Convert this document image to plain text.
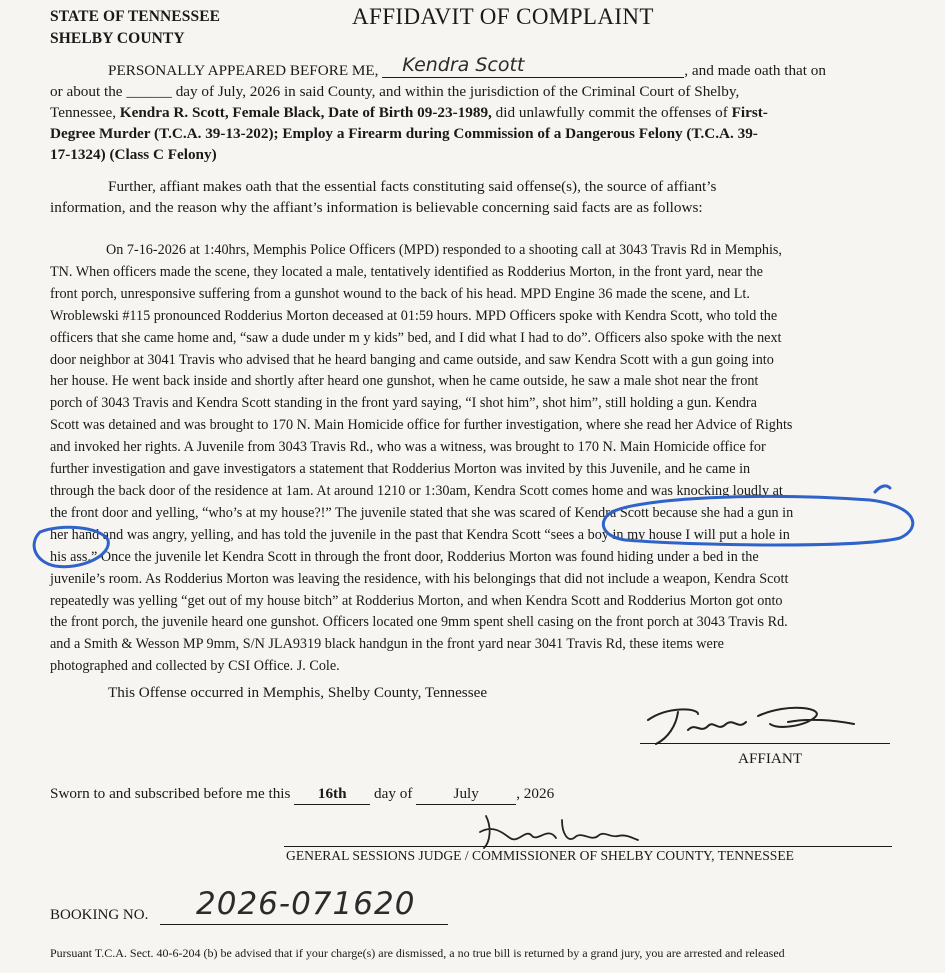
STATE OF TENNESSEE
SHELBY COUNTY
AFFIDAVIT OF COMPLAINT
PERSONALLY APPEARED BEFORE ME, Kendra Scott	, and made oath that on
or about the ______ day of July, 2026 in said County, and within the jurisdiction of the Criminal Court of Shelby,
Tennessee, Kendra R. Scott, Female Black, Date of Birth 09-23-1989, did unlawfully commit the offenses of First-
Degree Murder (T.C.A. 39-13-202); Employ a Firearm during Commission of a Dangerous Felony (T.C.A. 39-
17-1324) (Class C Felony)
Further, affiant makes oath that the essential facts constituting said offense(s), the source of affiant’s
information, and the reason why the affiant’s information is believable concerning said facts are as follows:
On 7-16-2026 at 1:40hrs, Memphis Police Officers (MPD) responded to a shooting call at 3043 Travis Rd in Memphis,
TN. When officers made the scene, they located a male, tentatively identified as Rodderius Morton, in the front yard, near the
front porch, unresponsive suffering from a gunshot wound to the back of his head. MPD Engine 36 made the scene, and Lt.
Wroblewski #115 pronounced Rodderius Morton deceased at 01:59 hours. MPD Officers spoke with Kendra Scott, who told the
officers that she came home and, “saw a dude under m y kids” bed, and I did what I had to do”. Officers also spoke with the next
door neighbor at 3041 Travis who advised that he heard banging and came outside, and saw Kendra Scott with a gun going into
her house. He went back inside and shortly after heard one gunshot, when he came outside, he saw a male shot near the front
porch of 3043 Travis and Kendra Scott standing in the front yard saying, “I shot him”, shot him”, still holding a gun. Kendra
Scott was detained and was brought to 170 N. Main Homicide office for further investigation, where she read her Advice of Rights
and invoked her rights. A Juvenile from 3043 Travis Rd., who was a witness, was brought to 170 N. Main Homicide office for
further investigation and gave investigators a statement that Rodderius Morton was invited by this Juvenile, and he came in
through the back door of the residence at 1am. At around 1210 or 1:30am, Kendra Scott comes home and was knocking loudly at
the front door and yelling, “who’s at my house?!” The juvenile stated that she was scared of Kendra Scott because she had a gun in
her hand and was angry, yelling, and has told the juvenile in the past that Kendra Scott “sees a boy in my house I will put a hole in
his ass.” Once the juvenile let Kendra Scott in through the front door, Rodderius Morton was found hiding under a bed in the
juvenile’s room. As Rodderius Morton was leaving the residence, with his belongings that did not include a weapon, Kendra Scott
repeatedly was yelling “get out of my house bitch” at Rodderius Morton, and when Kendra Scott and Rodderius Morton got onto
the front porch, the juvenile heard one gunshot. Officers located one 9mm spent shell casing on the front porch at 3043 Travis Rd.
and a Smith & Wesson MP 9mm, S/N JLA9319 black handgun in the front yard near 3041 Travis Rd, these items were
photographed and collected by CSI Office. J. Cole.
This Offense occurred in Memphis, Shelby County, Tennessee
AFFIANT
Sworn to and subscribed before me this 16th day of	July , 2026
GENERAL SESSIONS JUDGE / COMMISSIONER OF SHELBY COUNTY, TENNESSEE
BOOKING NO. 2026-071620
Pursuant T.C.A. Sect. 40-6-204 (b) be advised that if your charge(s) are dismissed, a no true bill is returned by a grand jury, you are arrested and released
